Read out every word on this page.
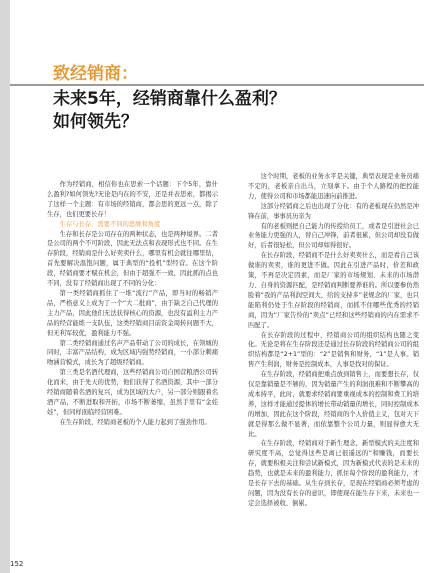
致经销商：
未来5年，经销商靠什么盈利？
如何领先？

作为经销商，相信你也在思索一个话题：下个5年，靠什么盈利?如何领先?无论是内在的不安，还是并表思索，都揭示了这样一个主题：有市场的经销商，都会思的更远一点，除了生存，也们更要长存！

生存与长存，需要不同的思维和角度

生存和长存是公司存在的两种状态，也是两种境界。二者是公司的两个不可阶段，因此无法点和表现形式也不同。在生存阶段，经销商是什么好卖卖什么，哪里有机会就往哪里钻，首先要解决温饱问题，属于典型的“投机”型经营。在这个阶段，经销商要才赋在机会，但由于超强不一致，因此抓的点也不同，没有了经销商出现了不同的分化：

第一类经销商抓住了一堆“流行”产品，即当时的畅销产品，严格意义上成为了一个“大二批商”，由于缺乏自己代理的主力产品，因此他们无法获得核心的资源，也没有溢利主力产品的经营能练一支队伍，这类经销商目前资金周转问题不大，但无利军较优，盈利能力不强。

第二类经销商通过名声产品带动了公司的成长，在领城的同时，丰富产品结构，成为区域内强势经销商，一小部分刺痛吻涵营模式，成长为了超级经销商。

第三类是名酒代理商，这些经销商公司自国营粮酒公司转化而来，由于先天的优势，他们获得了名酒资源，其中一部分经销商随着名酒的复兴，成为区域的大户，另一部分则跟着名酒产品，不断进取和开拓，市场不断萎缩，虽然手里有“金娃娃”，但同样面临经营困难。

在生存阶段，经销商老板的个人能力起到了强劲作用。

这个时期，老板的业务水平是关键，典型表现是业务员痛不定的，老板亲自出马，立刻拿下。由于个人路程的把控能力，使得公司和市场都能迅速向前推进。

这部分经销商之后也出现了分化：有的老板现在仍然是冲锋在前，事事员历亲为

有的老板则把自己能力的传授给员工，或者是引进社会已业务能力更强的人，替自己冲锋，前者很累，但公司却没有做好，后者很轻松，但公司却如得很好。

在长存阶段，经销商不是什么好卖卖什么，而是看自己该做谁的卖卖，谁的更进不做。因此在引进产品时，价差和政策，不再是决定因素，而是厂家的市场规划、未来的市场潜力、自身的资源匹配，是经销商判断要养谁的。所以要参仿然脸着“我的产品利润空间大，给的支持多”老规念的厂家，也只能陷利仍处于生存阶段的经销商，而抓不住哪些优秀的经销商，因为“厂家告怜的“卖点”已经和这些经销商的内在需求不匹配了。

在长存阶段的过程中，经销商公司的组织结构也随之变化。无论是将在生存阶段还是通过长存阶段的经销商公司的组织结构都是“2+1”型的：“2”是销售和财务，“1”是人事。销售产生利润，财务是控制成本，人事是找对的保证。

在生存阶段，经销商把重点放到销售上，而要想长存，仅仅是靠销量是不够的，因为销量产生的利润很难和不断攀高的成本持平，此时，就要求经销商要重视成本的控制和费工的培养，这样才能通过提体的增长带动销量的增长，同时控制成本的增加，因此在这个阶段，经销商的个人价值主义，包对天下就是得那么做不显著，而依靠整个公司力量，则显得愈大无比。

在生存阶段，经销商对于新生理念，新型模式的关注度和研究度不高，总觉得这些是离已很遥远的“和赚钱，而要长存，就要积极关注和尝试新模式，因为新模式代表的是未来的趋势，也就是未来的盈利能力，抓住每个阶段的盈利能力，才是长存下去的基础。从生存到长存，是现在经销商必须考虑的问题，因为没有长存的意识，即使现在能生存下来，未来也一定会选择被收、倒累。

152
